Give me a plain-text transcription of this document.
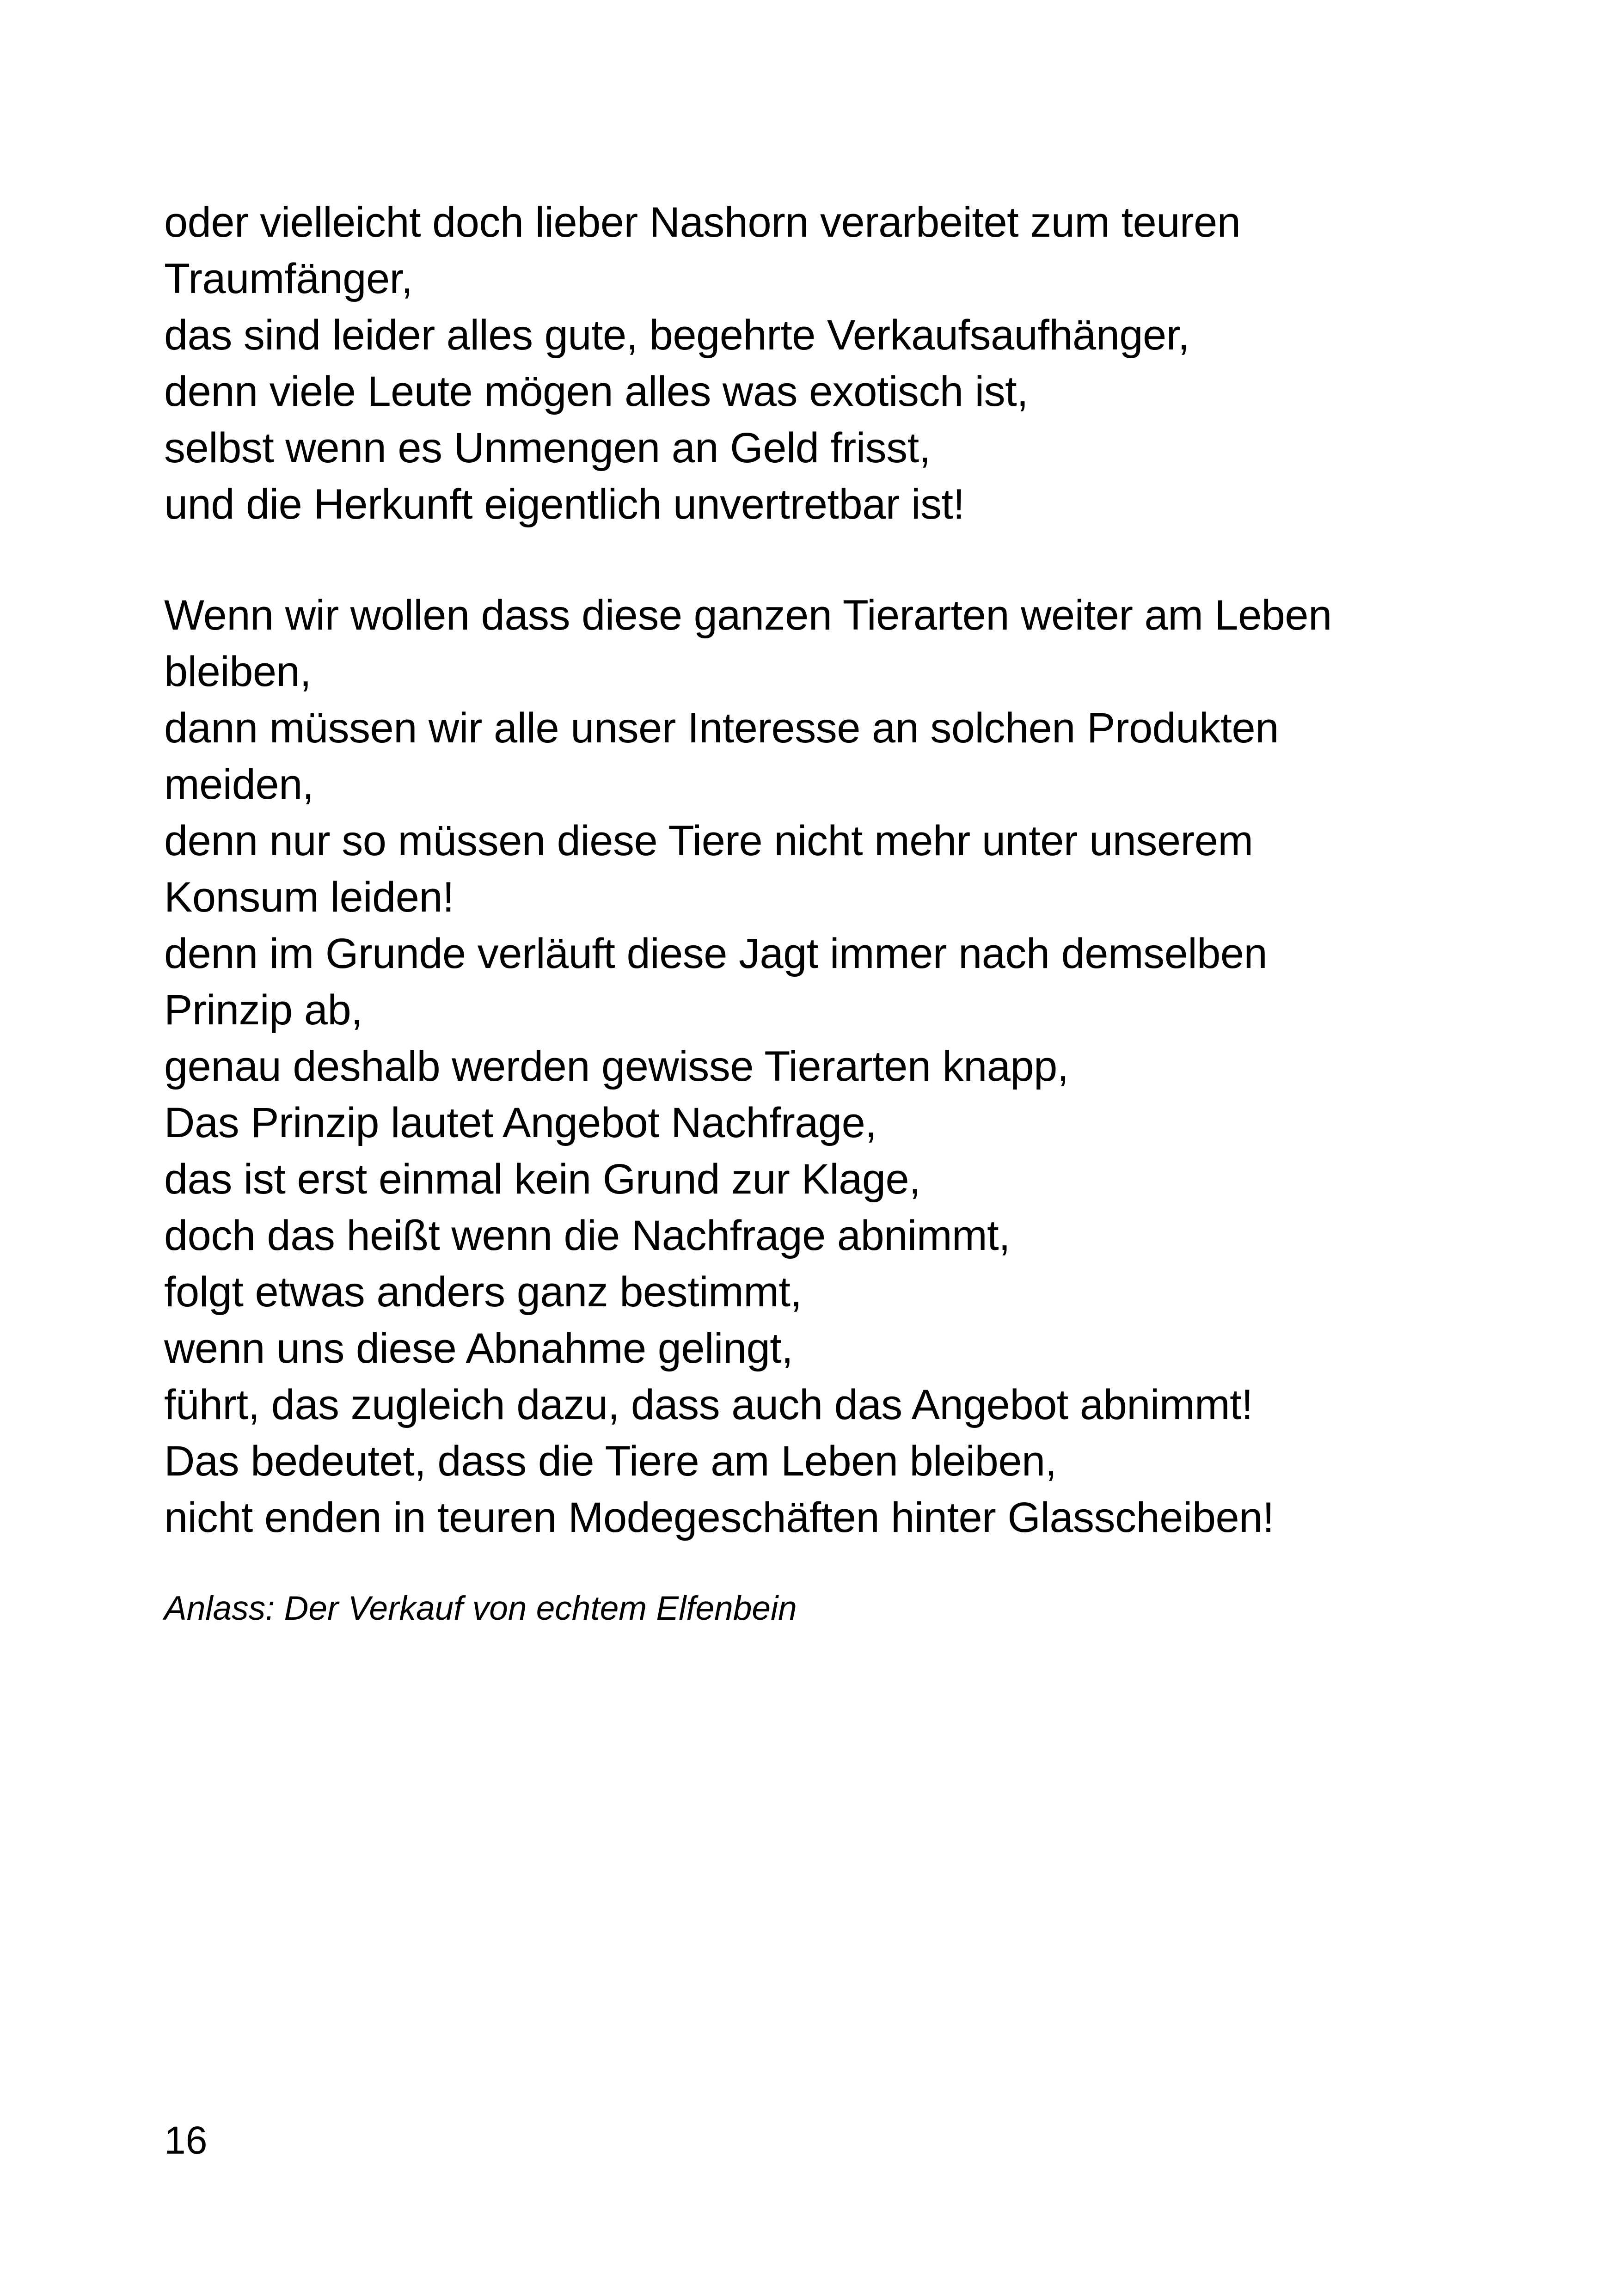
oder vielleicht doch lieber Nashorn verarbeitet zum teuren
Traumfänger,
das sind leider alles gute, begehrte Verkaufsaufhänger,
denn viele Leute mögen alles was exotisch ist,
selbst wenn es Unmengen an Geld frisst,
und die Herkunft eigentlich unvertretbar ist!
Wenn wir wollen dass diese ganzen Tierarten weiter am Leben
bleiben,
dann müssen wir alle unser Interesse an solchen Produkten
meiden,
denn nur so müssen diese Tiere nicht mehr unter unserem
Konsum leiden!
denn im Grunde verläuft diese Jagt immer nach demselben
Prinzip ab,
genau deshalb werden gewisse Tierarten knapp,
Das Prinzip lautet Angebot Nachfrage,
das ist erst einmal kein Grund zur Klage,
doch das heißt wenn die Nachfrage abnimmt,
folgt etwas anders ganz bestimmt,
wenn uns diese Abnahme gelingt,
führt, das zugleich dazu, dass auch das Angebot abnimmt!
Das bedeutet, dass die Tiere am Leben bleiben,
nicht enden in teuren Modegeschäften hinter Glasscheiben!
Anlass: Der Verkauf von echtem Elfenbein
16
